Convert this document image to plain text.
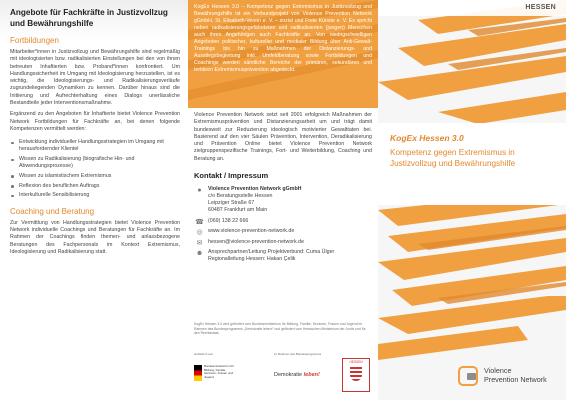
Angebote für Fachkräfte in Justizvollzug und Bewährungshilfe

Fortbildungen

Mitarbeiter*innen in Justizvollzug und Bewährungshilfe sind regelmäßig mit ideologisierten bzw. radikalisierten Einstellungen bei den von ihnen betreuten Inhaftierten bzw. Proband*innen konfrontiert. Um Handlungssicherheit im Umgang mit Ideologisierung herzustellen, ist es wichtig, die Ideologisierungs- und Radikalisierungsverläufe zugrundeliegenden Dynamiken zu kennen. Darüber hinaus sind die Initiierung und Aufrechterhaltung eines Dialogs unerlässliche Bestandteile jeder Interventionsmaßnahme.

Ergänzend zu den Angeboten für Inhaftierte bietet Violence Prevention Network Fortbildungen für Fachkräfte an, bei denen folgende Kompetenzen vermittelt werden:

Entwicklung individueller Handlungsstrategien im Umgang mit herausfordernder Klientel
Wissen zu Radikalisierung (biografische Hin- und Abwendungsprozesse)
Wissen zu islamistischem Extremismus
Reflexion des beruflichen Auftrags
Interkulturelle Sensibilisierung
Coaching und Beratung

Zur Vermittlung von Handlungsstrategien bietet Violence Prevention Network individuelle Coachings und Beratungen für Fachkräfte an. Im Rahmen der Coachings finden themen- und anlassbezogene Beratungen des Fachpersonals im Kontext Extremismus, Ideologisierung und Radikalisierung statt.

KogEx Hessen 3.0 – Kompetenz gegen Extremismus in Justizvollzug und Bewährungshilfe ist ein Verbundprojekt von Violence Prevention Network gGmbH, St. Elisabeth-Verein e. V. – sozial und Freie Künste e. V. Es spricht neben radikalisierungsgefährdeten und radikalisierten (jungen) Menschen auch ihren Angehörigen auch Fachkräfte an. Von niedrigschwelligen Angeboten politischer, kultureller und medialer Bildung über Anti-Gewalt-Trainings bis hin zu Maßnahmen der Distanzierungs- und Ausstiegsbegleitung inkl. Umfeldberatung sowie Fortbildungen und Coachings werden sämtliche Bereiche der primären, sekundären und tertiären Extremismusprävention abgedeckt.

Violence Prevention Network setzt seit 2001 erfolgreich Maßnahmen der Extremismusprävention und Distanzierungsarbeit um und trägt damit bundesweit zur Reduzierung ideologisch motivierter Gewalttaten bei. Basierend auf den vier Säulen Prävention, Intervention, Deradikalisierung und Prävention Online bietet Violence Prevention Network zielgruppenspezifische Trainings, Fort- und Weiterbildung, Coaching und Beratung an.

Kontakt / Impressum
●	Violence Prevention Network gGmbH
c/o Beratungsstelle Hessen
Leipziger Straße 67
60487 Frankfurt am Main
☎ (069) 138 22 666
◎ www.violence-prevention-network.de
✉ hessen@violence-prevention-network.de
☻ Ansprechpartner/Leitung Projektverbund: Cuma Ülger Regionalleitung Hessen: Hakan Çelik
KogEx Hessen 3.0 wird gefördert vom Bundesministerium für Bildung, Familie, Senioren, Frauen und Jugend im Rahmen des Bundesprogramms „Demokratie leben!“ und gefördert vom Hessischen Ministerium der Justiz und für den Rechtsstaat.
Gefördert vom	im Rahmen des Bundesprogramms
Bundesministerium für Bildung, Familie, Senioren, Frauen und Jugend	Demokratie leben!
HESSEN
HESSEN
KogEx Hessen 3.0
Kompetenz gegen Extremismus in Justizvollzug und Bewährungshilfe
Violence
Prevention Network
